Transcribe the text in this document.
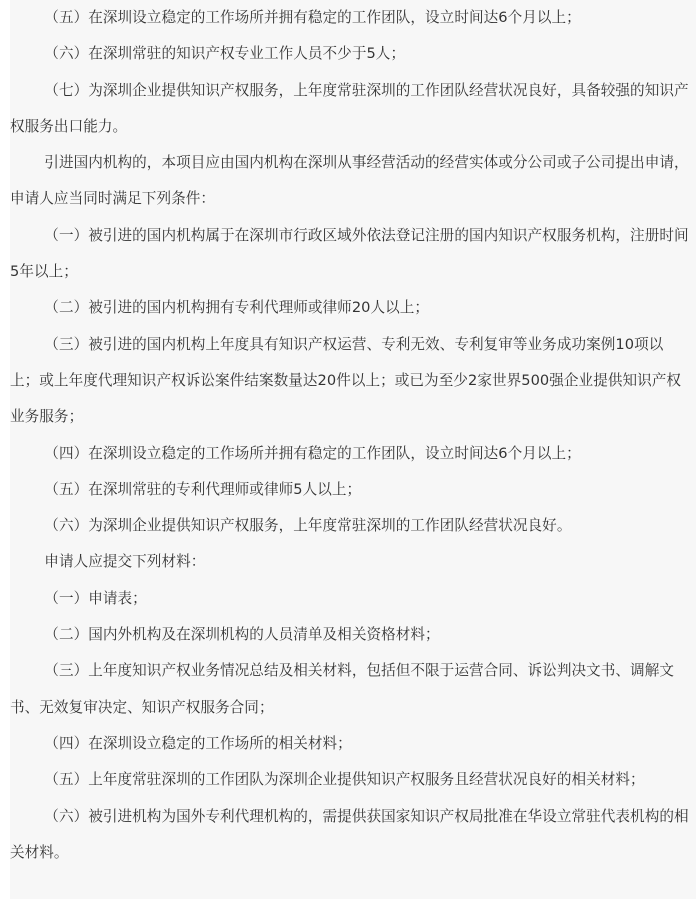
（五）在深圳设立稳定的工作场所并拥有稳定的工作团队，设立时间达6个月以上；

（六）在深圳常驻的知识产权专业工作人员不少于5人；

（七）为深圳企业提供知识产权服务，上年度常驻深圳的工作团队经营状况良好，具备较强的知识产权服务出口能力。

引进国内机构的，本项目应由国内机构在深圳从事经营活动的经营实体或分公司或子公司提出申请，申请人应当同时满足下列条件：

（一）被引进的国内机构属于在深圳市行政区域外依法登记注册的国内知识产权服务机构，注册时间5年以上；

（二）被引进的国内机构拥有专利代理师或律师20人以上；

（三）被引进的国内机构上年度具有知识产权运营、专利无效、专利复审等业务成功案例10项以上；或上年度代理知识产权诉讼案件结案数量达20件以上；或已为至少2家世界500强企业提供知识产权业务服务；

（四）在深圳设立稳定的工作场所并拥有稳定的工作团队，设立时间达6个月以上；

（五）在深圳常驻的专利代理师或律师5人以上；

（六）为深圳企业提供知识产权服务，上年度常驻深圳的工作团队经营状况良好。

申请人应提交下列材料：

（一）申请表；

（二）国内外机构及在深圳机构的人员清单及相关资格材料；

（三）上年度知识产权业务情况总结及相关材料，包括但不限于运营合同、诉讼判决文书、调解文书、无效复审决定、知识产权服务合同；

（四）在深圳设立稳定的工作场所的相关材料；

（五）上年度常驻深圳的工作团队为深圳企业提供知识产权服务且经营状况良好的相关材料；

（六）被引进机构为国外专利代理机构的，需提供获国家知识产权局批准在华设立常驻代表机构的相关材料。
